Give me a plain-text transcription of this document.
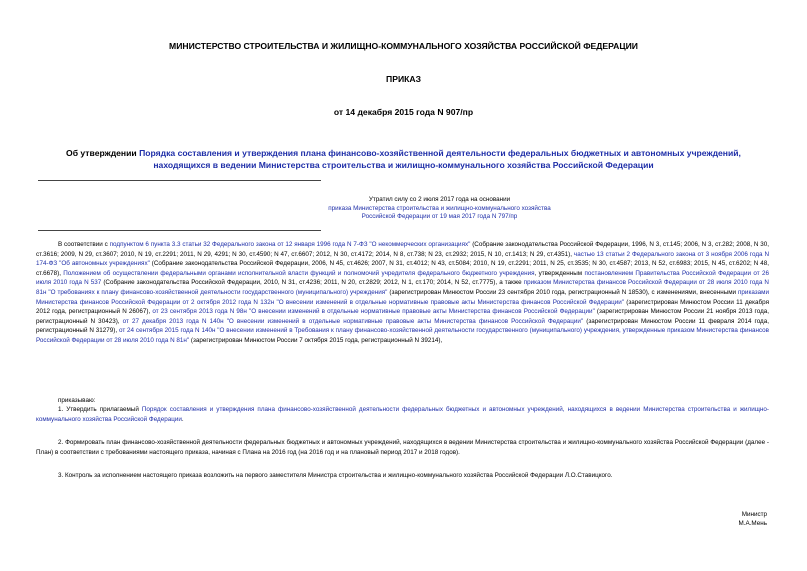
МИНИСТЕРСТВО СТРОИТЕЛЬСТВА И ЖИЛИЩНО-КОММУНАЛЬНОГО ХОЗЯЙСТВА РОССИЙСКОЙ ФЕДЕРАЦИИ
ПРИКАЗ
от 14 декабря 2015 года N 907/пр
Об утверждении Порядка составления и утверждения плана финансово-хозяйственной деятельности федеральных бюджетных и автономных учреждений,
находящихся в ведении Министерства строительства и жилищно-коммунального хозяйства Российской Федерации
Утратил силу со 2 июля 2017 года на основании
приказа Министерства строительства и жилищно-коммунального хозяйства
Российской Федерации от 19 мая 2017 года N 797/пр
В соответствии с подпунктом 6 пункта 3.3 статьи 32 Федерального закона от 12 января 1996 года N 7-ФЗ "О некоммерческих организациях" (Собрание законодательства Российской Федерации, 1996, N 3, ст.145; 2006, N 3, ст.282; 2008, N 30, ст.3616; 2009, N 29, ст.3607; 2010, N 19, ст.2291; 2011, N 29, 4291; N 30, ст.4590; N 47, ст.6607; 2012, N 30, ст.4172; 2014, N 8, ст.738; N 23, ст.2932; 2015, N 10, ст.1413; N 29, ст.4351), частью 13 статьи 2 Федерального закона от 3 ноября 2006 года N 174-ФЗ "Об автономных учреждениях" (Собрание законодательства Российской Федерации, 2006, N 45, ст.4626; 2007, N 31, ст.4012; N 43, ст.5084; 2010, N 19, ст.2291; 2011, N 25, ст.3535; N 30, ст.4587; 2013, N 52, ст.6983; 2015, N 45, ст.6202; N 48, ст.6678), Положением об осуществлении федеральными органами исполнительной власти функций и полномочий учредителя федерального бюджетного учреждения, утвержденным постановлением Правительства Российской Федерации от 26 июля 2010 года N 537 (Собрание законодательства Российской Федерации, 2010, N 31, ст.4236; 2011, N 20, ст.2829; 2012, N 1, ст.170; 2014, N 52, ст.7775), а также приказом Министерства финансов Российской Федерации от 28 июля 2010 года N 81н "О требованиях к плану финансово-хозяйственной деятельности государственного (муниципального) учреждения" (зарегистрирован Минюстом России 23 сентября 2010 года, регистрационный N 18530), с изменениями, внесенными приказами Министерства финансов Российской Федерации от 2 октября 2012 года N 132н "О внесении изменений в отдельные нормативные правовые акты Министерства финансов Российской Федерации" (зарегистрирован Минюстом России 11 декабря 2012 года, регистрационный N 26067), от 23 сентября 2013 года N 98н "О внесении изменений в отдельные нормативные правовые акты Министерства финансов Российской Федерации" (зарегистрирован Минюстом России 21 ноября 2013 года, регистрационный N 30423), от 27 декабря 2013 года N 140н "О внесении изменений в отдельные нормативные правовые акты Министерства финансов Российской Федерации" (зарегистрирован Минюстом России 11 февраля 2014 года, регистрационный N 31279), от 24 сентября 2015 года N 140н "О внесении изменений в Требования к плану финансово-хозяйственной деятельности государственного (муниципального) учреждения, утвержденные приказом Министерства финансов Российской Федерации от 28 июля 2010 года N 81н" (зарегистрирован Минюстом России 7 октября 2015 года, регистрационный N 39214),
приказываю:
1. Утвердить прилагаемый Порядок составления и утверждения плана финансово-хозяйственной деятельности федеральных бюджетных и автономных учреждений, находящихся в ведении Министерства строительства и жилищно-коммунального хозяйства Российской Федерации.
2. Формировать план финансово-хозяйственной деятельности федеральных бюджетных и автономных учреждений, находящихся в ведении Министерства строительства и жилищно-коммунального хозяйства Российской Федерации (далее - План) в соответствии с требованиями настоящего приказа, начиная с Плана на 2016 год (на 2016 год и на плановый период 2017 и 2018 годов).
3. Контроль за исполнением настоящего приказа возложить на первого заместителя Министра строительства и жилищно-коммунального хозяйства Российской Федерации Л.О.Ставицкого.
Министр
М.А.Мень
